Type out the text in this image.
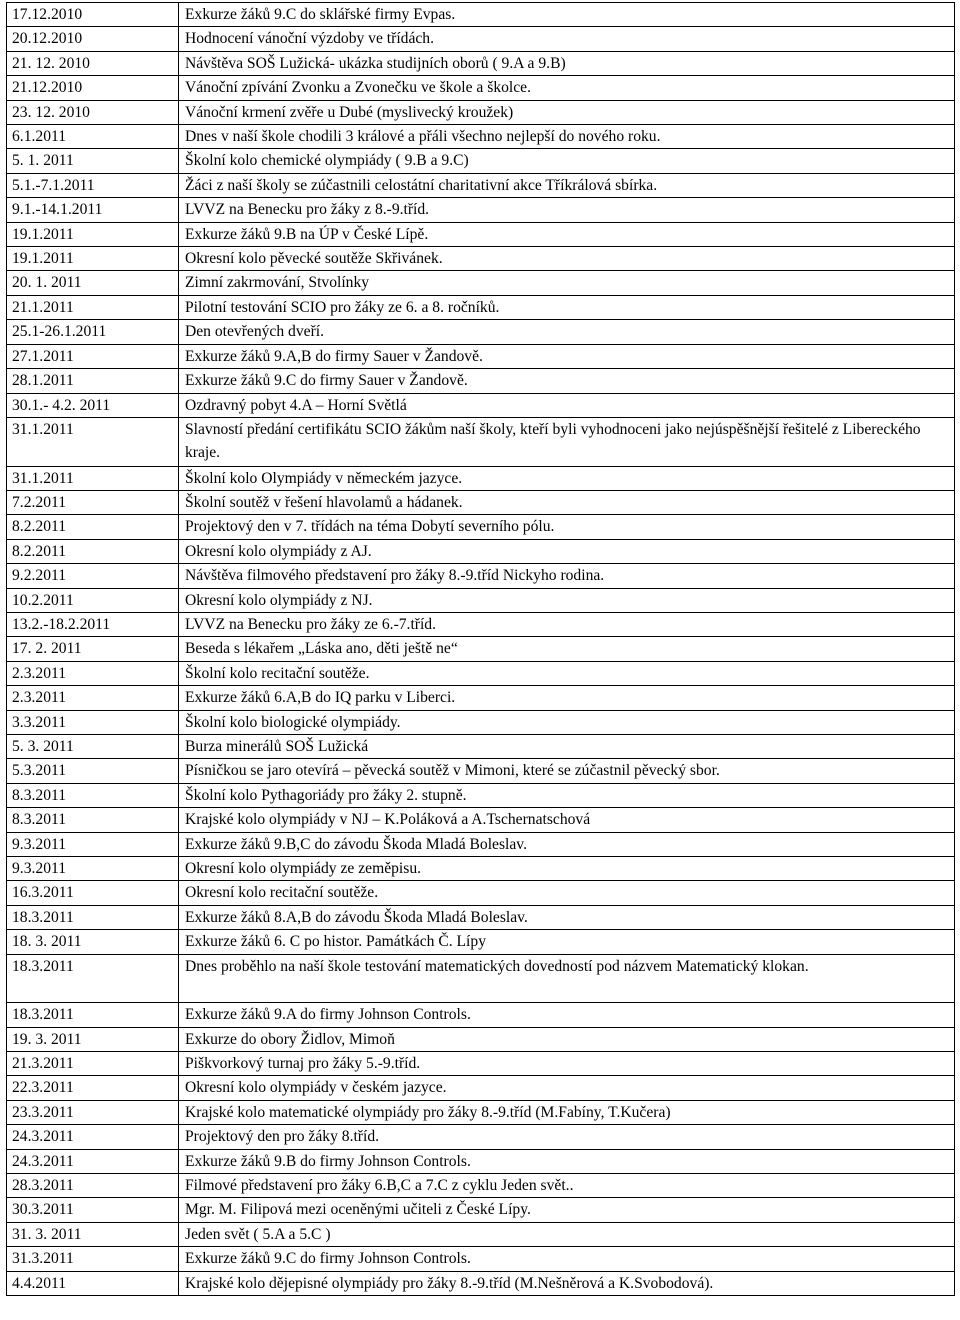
17.12.2010	Exkurze žáků 9.C do sklářské firmy Evpas.
20.12.2010	Hodnocení vánoční výzdoby ve třídách.
21. 12. 2010	Návštěva SOŠ Lužická- ukázka studijních oborů ( 9.A a 9.B)
21.12.2010	Vánoční zpívání Zvonku a Zvonečku ve škole a školce.
23. 12. 2010	Vánoční krmení zvěře u Dubé (myslivecký kroužek)
6.1.2011	Dnes v naší škole chodili 3 králové a přáli všechno nejlepší do nového roku.
5. 1. 2011	Školní kolo chemické olympiády ( 9.B a 9.C)
5.1.-7.1.2011	Žáci z naší školy se zúčastnili celostátní charitativní akce Tříkrálová sbírka.
9.1.-14.1.2011	LVVZ na Benecku pro žáky z 8.-9.tříd.
19.1.2011	Exkurze žáků 9.B na ÚP v České Lípě.
19.1.2011	Okresní kolo pěvecké soutěže Skřivánek.
20. 1. 2011	Zimní zakrmování, Stvolínky
21.1.2011	Pilotní testování SCIO pro žáky ze 6. a 8. ročníků.
25.1-26.1.2011	Den otevřených dveří.
27.1.2011	Exkurze žáků 9.A,B do firmy Sauer v Žandově.
28.1.2011	Exkurze žáků 9.C do firmy Sauer v Žandově.
30.1.- 4.2. 2011	Ozdravný pobyt 4.A – Horní Světlá
31.1.2011	Slavností předání certifikátu SCIO žákům naší školy, kteří byli vyhodnoceni jako nejúspěšnější řešitelé z Libereckého kraje.
31.1.2011	Školní kolo Olympiády v německém jazyce.
7.2.2011	Školní soutěž v řešení hlavolamů a hádanek.
8.2.2011	Projektový den v 7. třídách na téma Dobytí severního pólu.
8.2.2011	Okresní kolo olympiády z AJ.
9.2.2011	Návštěva filmového představení pro žáky 8.-9.tříd Nickyho rodina.
10.2.2011	Okresní kolo olympiády z NJ.
13.2.-18.2.2011	LVVZ na Benecku pro žáky ze 6.-7.tříd.
17. 2. 2011	Beseda s lékařem „Láska ano, děti ještě ne“
2.3.2011	Školní kolo recitační soutěže.
2.3.2011	Exkurze žáků 6.A,B do IQ parku v Liberci.
3.3.2011	Školní kolo biologické olympiády.
5. 3. 2011	Burza minerálů SOŠ Lužická
5.3.2011	Písničkou se jaro otevírá – pěvecká soutěž v Mimoni, které se zúčastnil pěvecký sbor.
8.3.2011	Školní kolo Pythagoriády pro žáky 2. stupně.
8.3.2011	Krajské kolo olympiády v NJ – K.Poláková a A.Tschernatschová
9.3.2011	Exkurze žáků 9.B,C do závodu Škoda Mladá Boleslav.
9.3.2011	Okresní kolo olympiády ze zeměpisu.
16.3.2011	Okresní kolo recitační soutěže.
18.3.2011	Exkurze žáků 8.A,B do závodu Škoda Mladá Boleslav.
18. 3. 2011	Exkurze žáků 6. C po histor. Památkách Č. Lípy
18.3.2011	Dnes proběhlo na naší škole testování matematických dovedností pod názvem Matematický klokan.
18.3.2011	Exkurze žáků 9.A do firmy Johnson Controls.
19. 3. 2011	Exkurze do obory Židlov, Mimoň
21.3.2011	Piškvorkový turnaj pro žáky 5.-9.tříd.
22.3.2011	Okresní kolo olympiády v českém jazyce.
23.3.2011	Krajské kolo matematické olympiády pro žáky 8.-9.tříd (M.Fabíny, T.Kučera)
24.3.2011	Projektový den pro žáky 8.tříd.
24.3.2011	Exkurze žáků 9.B do firmy Johnson Controls.
28.3.2011	Filmové představení pro žáky 6.B,C a 7.C z cyklu Jeden svět..
30.3.2011	Mgr. M. Filipová mezi oceněnými učiteli z České Lípy.
31. 3. 2011	Jeden svět ( 5.A a 5.C )
31.3.2011	Exkurze žáků 9.C do firmy Johnson Controls.
4.4.2011	Krajské kolo dějepisné olympiády pro žáky 8.-9.tříd (M.Nešněrová a K.Svobodová).
